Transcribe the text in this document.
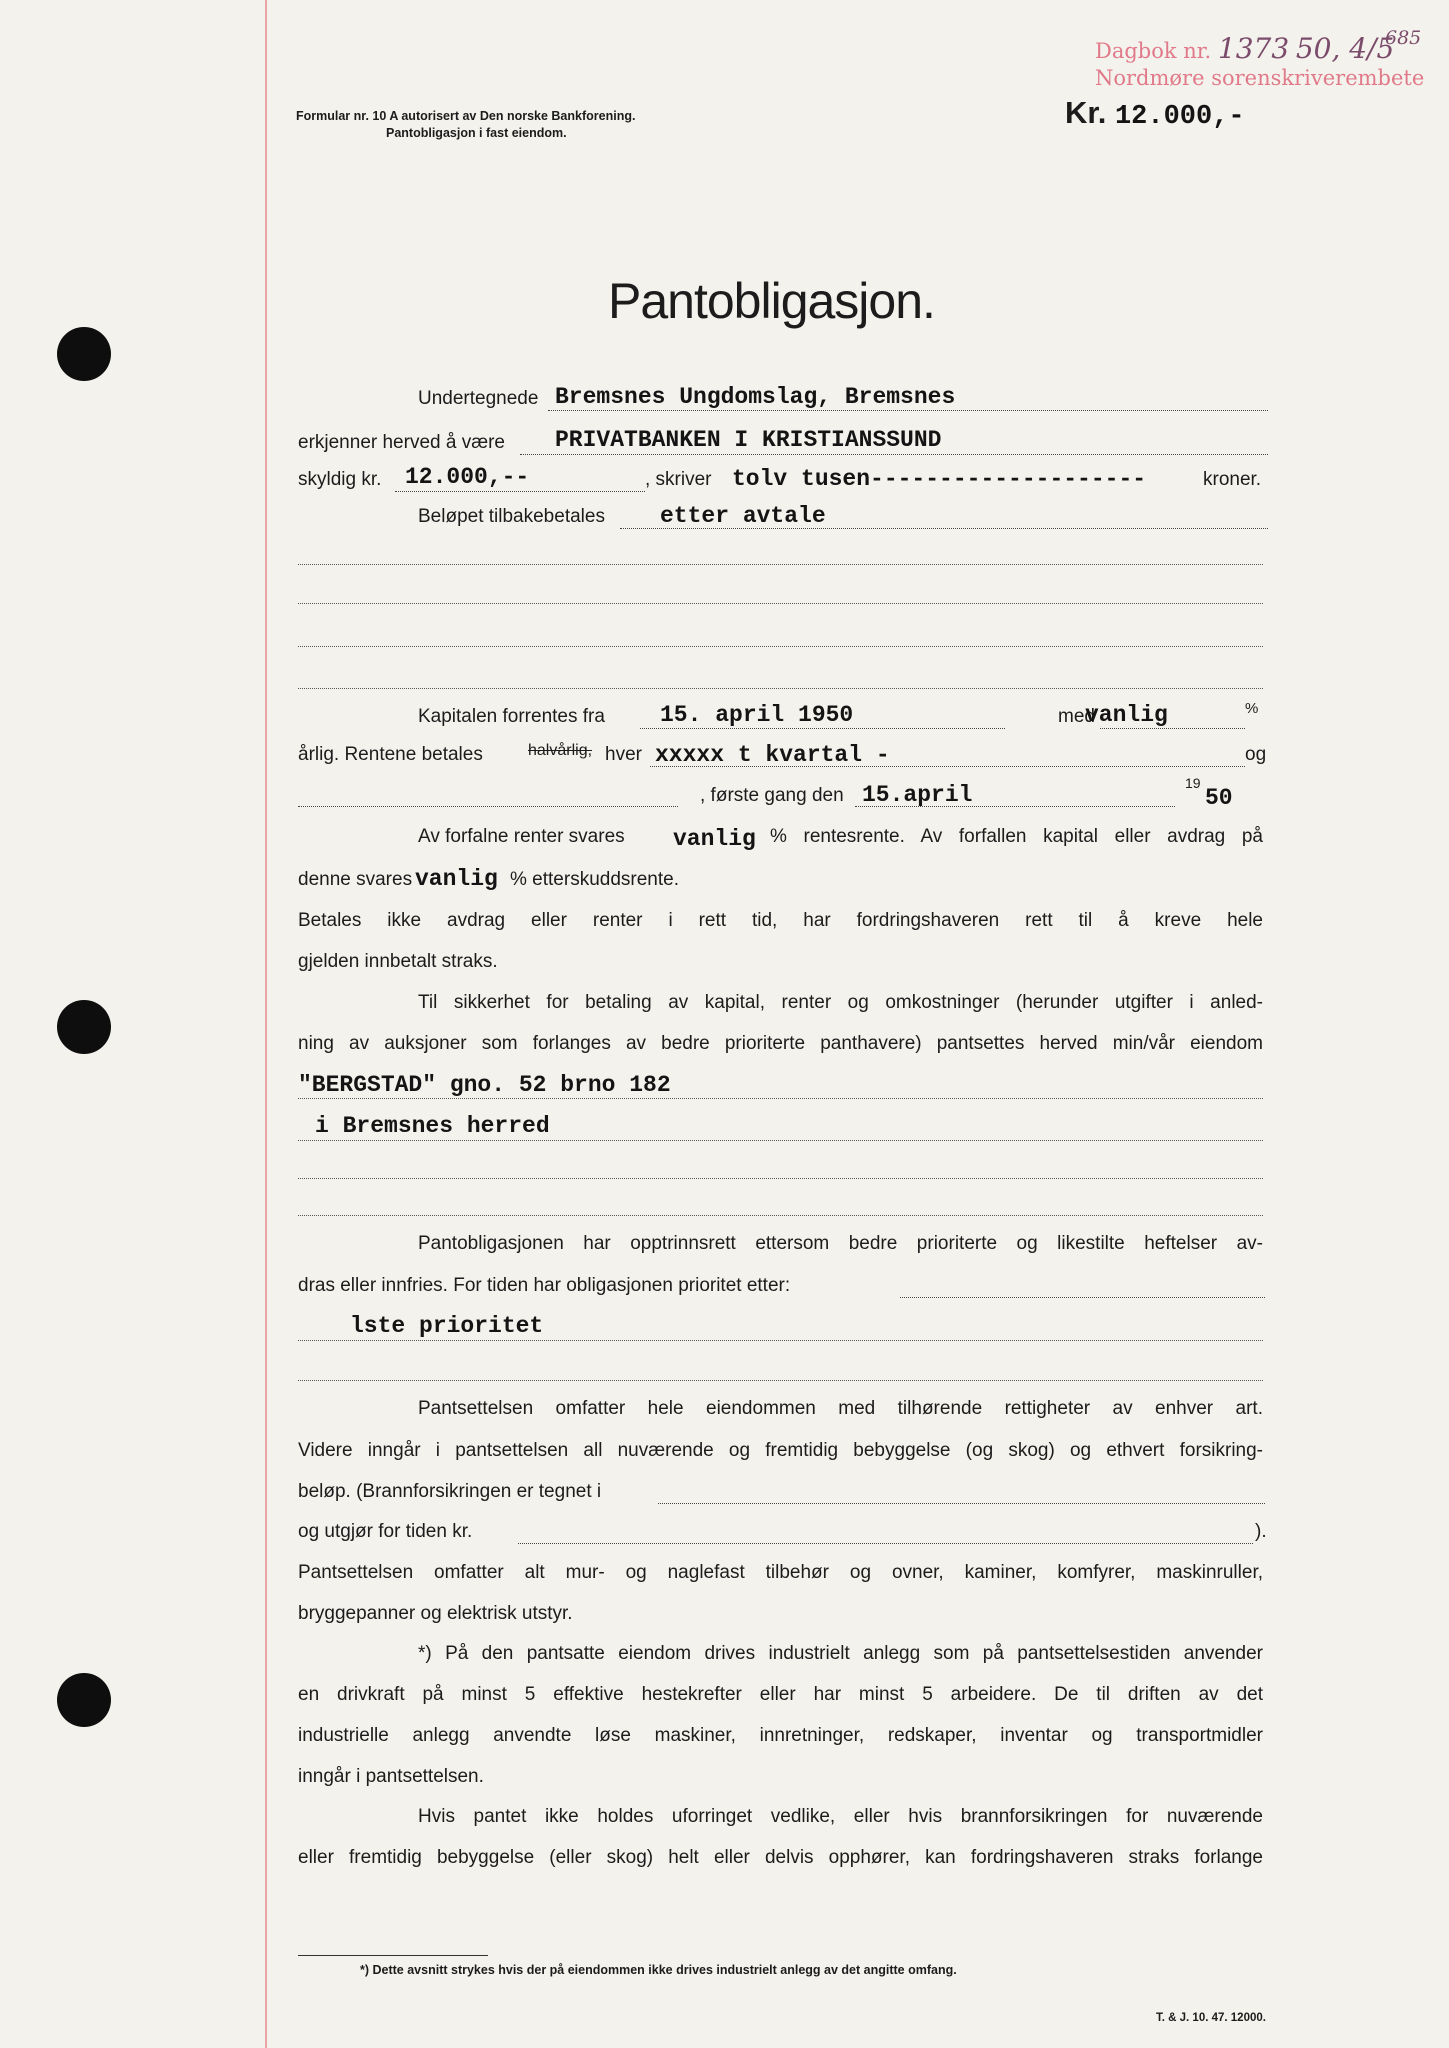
Dagbok nr. 1373 50, 4/5
Nordmøre sorenskriverembete
685
Formular nr. 10 A autorisert av Den norske Bankforening.
Pantobligasjon i fast eiendom.
Kr. 12.000,-
Pantobligasjon.
Undertegnede Bremsnes Ungdomslag, Bremsnes
erkjenner herved å være PRIVATBANKEN I KRISTIANSSUND
skyldig kr. 12.000,--	, skriver tolv tusen--------------------	kroner.
Beløpet tilbakebetales etter avtale
Kapitalen forrentes fra 15. april 1950	med
vanlig	%
årlig. Rentene betales	halvårlig, hver xxxxx t kvartal -	og
, første gang den 15.april	19
50
Av forfalne renter svares vanlig % rentesrente. Av forfallen kapital eller avdrag på
denne svares vanlig % etterskuddsrente.
Betales ikke avdrag eller renter i rett tid, har fordringshaveren rett til å kreve hele
gjelden innbetalt straks.
Til sikkerhet for betaling av kapital, renter og omkostninger (herunder utgifter i anled-
ning av auksjoner som forlanges av bedre prioriterte panthavere) pantsettes herved min/vår eiendom
"BERGSTAD" gno. 52 brno 182
i Bremsnes herred
Pantobligasjonen har opptrinnsrett ettersom bedre prioriterte og likestilte heftelser av-
dras eller innfries. For tiden har obligasjonen prioritet etter:
lste prioritet
Pantsettelsen omfatter hele eiendommen med tilhørende rettigheter av enhver art.
Videre inngår i pantsettelsen all nuværende og fremtidig bebyggelse (og skog) og ethvert forsikring-
beløp. (Brannforsikringen er tegnet i
og utgjør for tiden kr.	).
Pantsettelsen omfatter alt mur- og naglefast tilbehør og ovner, kaminer, komfyrer, maskinruller,
bryggepanner og elektrisk utstyr.
*) På den pantsatte eiendom drives industrielt anlegg som på pantsettelsestiden anvender
en drivkraft på minst 5 effektive hestekrefter eller har minst 5 arbeidere. De til driften av det
industrielle anlegg anvendte løse maskiner, innretninger, redskaper, inventar og transportmidler
inngår i pantsettelsen.
Hvis pantet ikke holdes uforringet vedlike, eller hvis brannforsikringen for nuværende
eller fremtidig bebyggelse (eller skog) helt eller delvis opphører, kan fordringshaveren straks forlange
*) Dette avsnitt strykes hvis der på eiendommen ikke drives industrielt anlegg av det angitte omfang.
T. & J. 10. 47. 12000.
